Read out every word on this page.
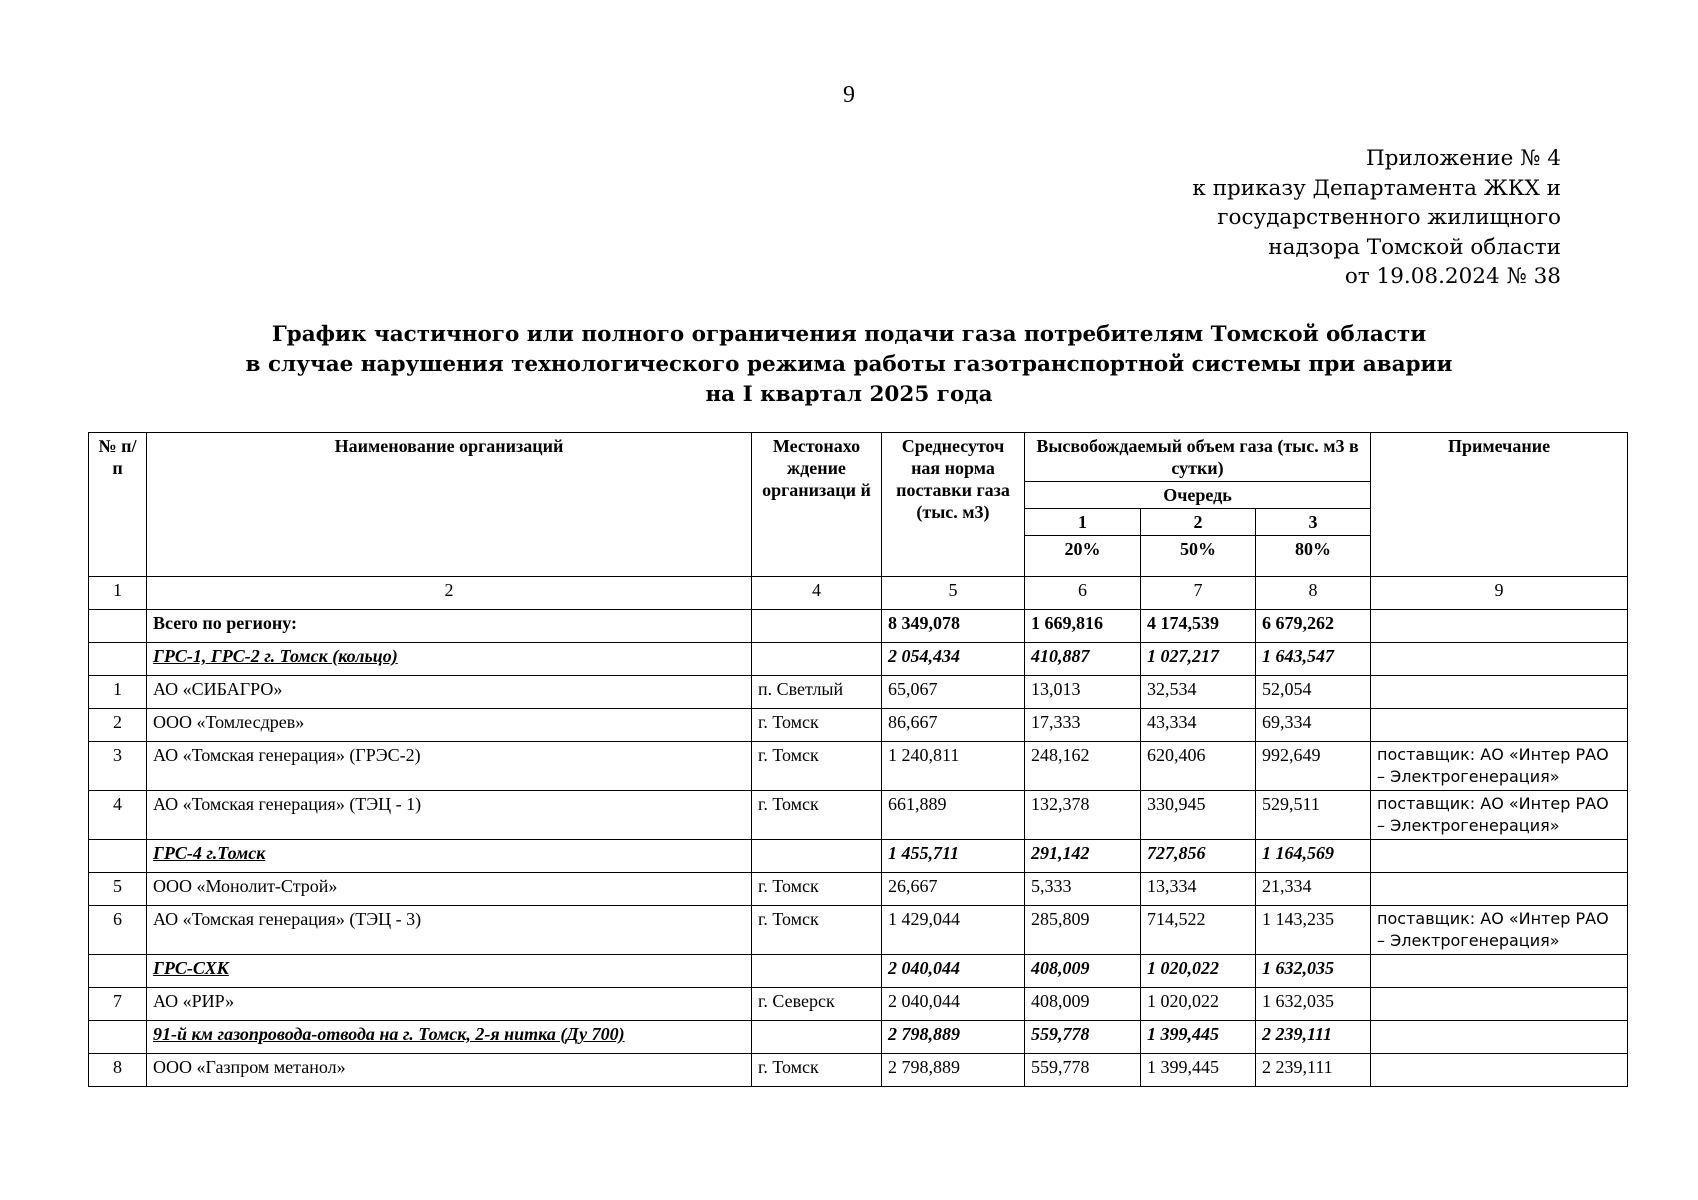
9
Приложение № 4
к приказу Департамента ЖКХ и
государственного жилищного
надзора Томской области
от 19.08.2024 № 38
График частичного или полного ограничения подачи газа потребителям Томской области
в случае нарушения технологического режима работы газотранспортной системы при аварии
на I квартал 2025 года
№ п/п	Наименование организаций	Местонахо ждение организаци й	Среднесуточ ная норма поставки газа (тыс. м3)	Высвобождаемый объем газа (тыс. м3 в сутки)			Примечание
				Очередь			
				1	2	3	
				20%	50%	80%	
1	2	4	5	6	7	8	9
	Всего по региону:		8 349,078	1 669,816	4 174,539	6 679,262	
	ГРС-1, ГРС-2 г. Томск (кольцо)		2 054,434	410,887	1 027,217	1 643,547	
1	АО «СИБАГРО»	п. Светлый	65,067	13,013	32,534	52,054	
2	ООО «Томлесдрев»	г. Томск	86,667	17,333	43,334	69,334	
3	АО «Томская генерация» (ГРЭС-2)	г. Томск	1 240,811	248,162	620,406	992,649	поставщик: АО «Интер РАО – Электрогенерация»
4	АО «Томская генерация» (ТЭЦ - 1)	г. Томск	661,889	132,378	330,945	529,511	поставщик: АО «Интер РАО – Электрогенерация»
	ГРС-4 г.Томск		1 455,711	291,142	727,856	1 164,569	
5	ООО «Монолит-Строй»	г. Томск	26,667	5,333	13,334	21,334	
6	АО «Томская генерация» (ТЭЦ - 3)	г. Томск	1 429,044	285,809	714,522	1 143,235	поставщик: АО «Интер РАО – Электрогенерация»
	ГРС-СХК		2 040,044	408,009	1 020,022	1 632,035	
7	АО «РИР»	г. Северск	2 040,044	408,009	1 020,022	1 632,035	
	91-й км газопровода-отвода на г. Томск, 2-я нитка (Ду 700)		2 798,889	559,778	1 399,445	2 239,111	
8	ООО «Газпром метанол»	г. Томск	2 798,889	559,778	1 399,445	2 239,111	
